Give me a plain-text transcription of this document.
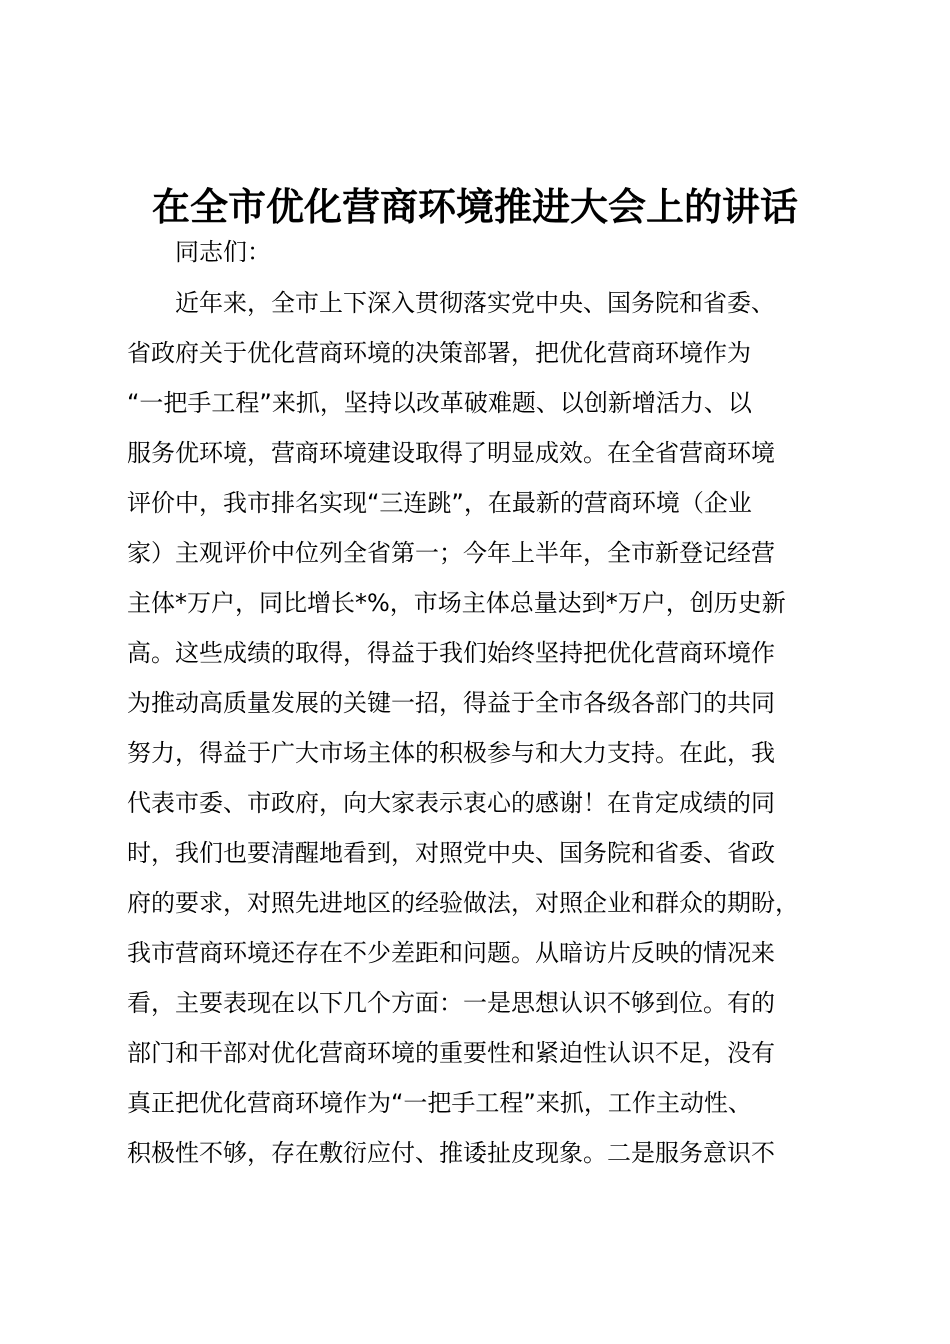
在全市优化营商环境推进大会上的讲话

同志们：

近年来，全市上下深入贯彻落实党中央、国务院和省委、

省政府关于优化营商环境的决策部署，把优化营商环境作为

“一把手工程”来抓，坚持以改革破难题、以创新增活力、以

服务优环境，营商环境建设取得了明显成效。在全省营商环境

评价中，我市排名实现“三连跳”，在最新的营商环境（企业

家）主观评价中位列全省第一；今年上半年，全市新登记经营

主体*万户，同比增长*%，市场主体总量达到*万户，创历史新

高。这些成绩的取得，得益于我们始终坚持把优化营商环境作

为推动高质量发展的关键一招，得益于全市各级各部门的共同

努力，得益于广大市场主体的积极参与和大力支持。在此，我

代表市委、市政府，向大家表示衷心的感谢！在肯定成绩的同

时，我们也要清醒地看到，对照党中央、国务院和省委、省政

府的要求，对照先进地区的经验做法，对照企业和群众的期盼，

我市营商环境还存在不少差距和问题。从暗访片反映的情况来

看，主要表现在以下几个方面：一是思想认识不够到位。有的

部门和干部对优化营商环境的重要性和紧迫性认识不足，没有

真正把优化营商环境作为“一把手工程”来抓，工作主动性、

积极性不够，存在敷衍应付、推诿扯皮现象。二是服务意识不
